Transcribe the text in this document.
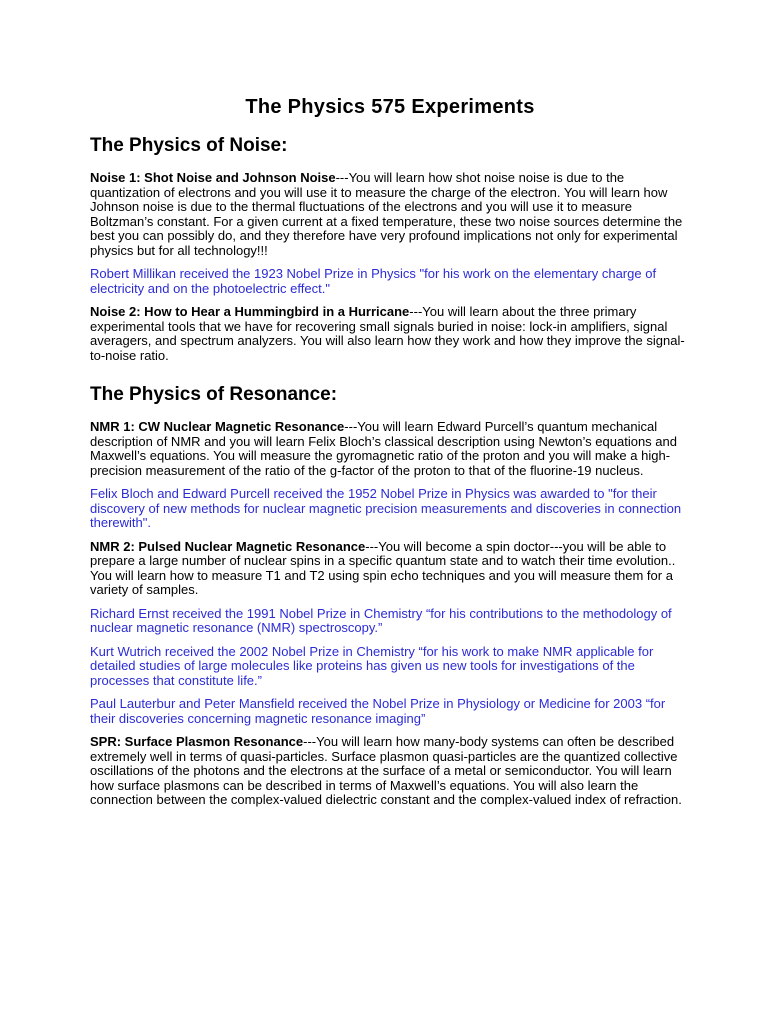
The Physics 575 Experiments
The Physics of Noise:

Noise 1: Shot Noise and Johnson Noise---You will learn how shot noise noise is due to the quantization of electrons and you will use it to measure the charge of the electron. You will learn how Johnson noise is due to the thermal fluctuations of the electrons and you will use it to measure Boltzman’s constant. For a given current at a fixed temperature, these two noise sources determine the best you can possibly do, and they therefore have very profound implications not only for experimental physics but for all technology!!!

Robert Millikan received the 1923 Nobel Prize in Physics "for his work on the elementary charge of electricity and on the photoelectric effect."

Noise 2: How to Hear a Hummingbird in a Hurricane---You will learn about the three primary experimental tools that we have for recovering small signals buried in noise: lock-in amplifiers, signal averagers, and spectrum analyzers. You will also learn how they work and how they improve the signal-to-noise ratio.

The Physics of Resonance:

NMR 1: CW Nuclear Magnetic Resonance---You will learn Edward Purcell’s quantum mechanical description of NMR and you will learn Felix Bloch’s classical description using Newton’s equations and Maxwell’s equations. You will measure the gyromagnetic ratio of the proton and you will make a high-precision measurement of the ratio of the g-factor of the proton to that of the fluorine-19 nucleus.

Felix Bloch and Edward Purcell received the 1952 Nobel Prize in Physics was awarded to "for their discovery of new methods for nuclear magnetic precision measurements and discoveries in connection therewith".

NMR 2: Pulsed Nuclear Magnetic Resonance---You will become a spin doctor---you will be able to prepare a large number of nuclear spins in a specific quantum state and to watch their time evolution.. You will learn how to measure T1 and T2 using spin echo techniques and you will measure them for a variety of samples.

Richard Ernst received the 1991 Nobel Prize in Chemistry “for his contributions to the methodology of nuclear magnetic resonance (NMR) spectroscopy.”

Kurt Wutrich received the 2002 Nobel Prize in Chemistry “for his work to make NMR applicable for detailed studies of large molecules like proteins has given us new tools for investigations of the processes that constitute life.”

Paul Lauterbur and Peter Mansfield received the Nobel Prize in Physiology or Medicine for 2003 “for their discoveries concerning magnetic resonance imaging”

SPR: Surface Plasmon Resonance---You will learn how many-body systems can often be described extremely well in terms of quasi-particles. Surface plasmon quasi-particles are the quantized collective oscillations of the photons and the electrons at the surface of a metal or semiconductor. You will learn how surface plasmons can be described in terms of Maxwell’s equations. You will also learn the connection between the complex-valued dielectric constant and the complex-valued index of refraction.
